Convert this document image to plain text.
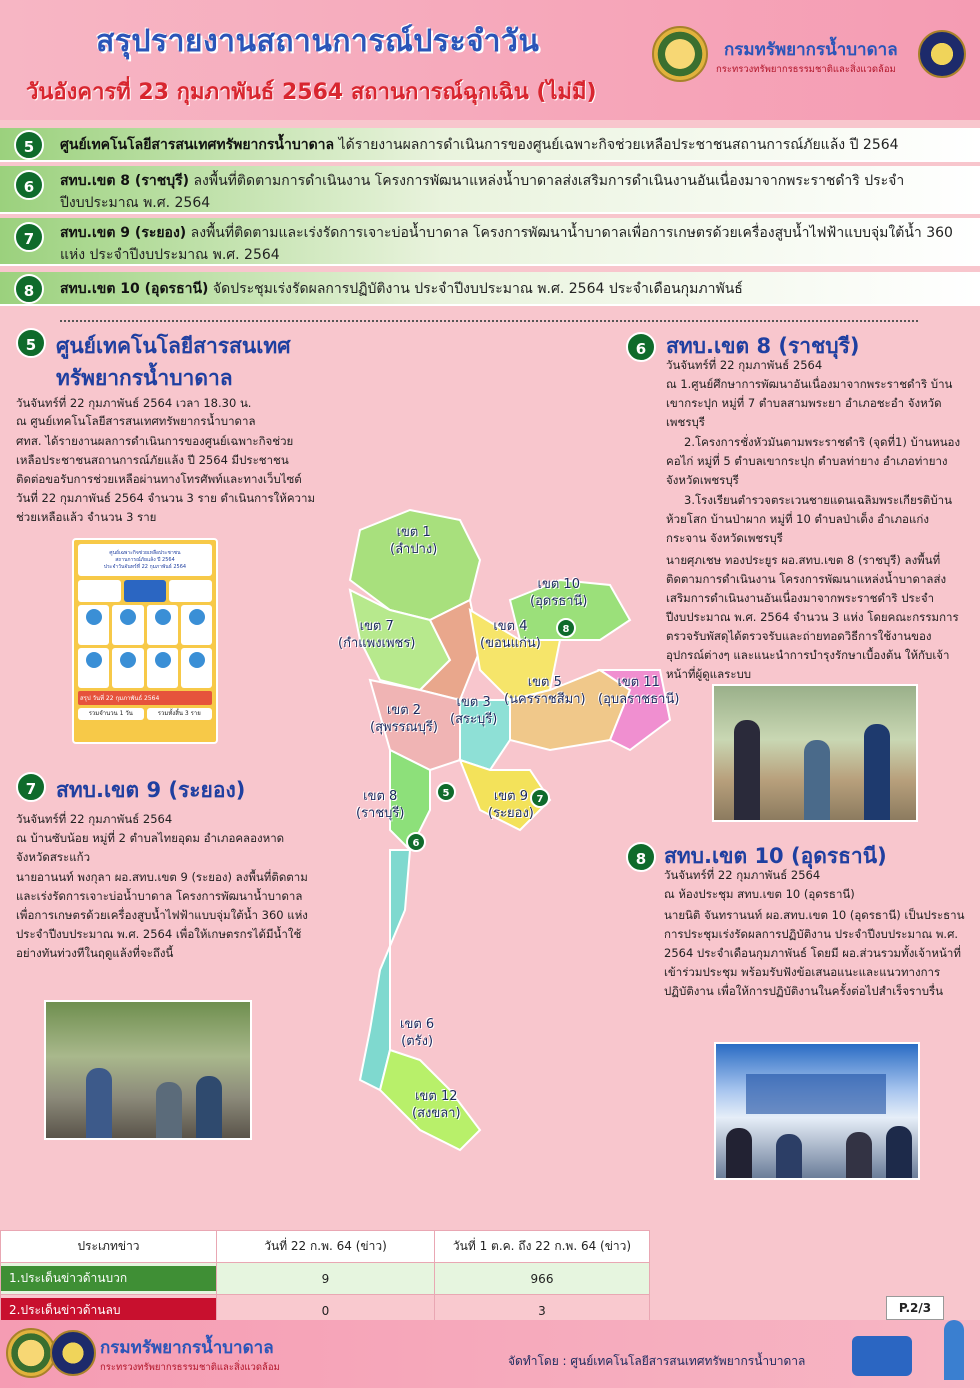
สรุปรายงานสถานการณ์ประจำวัน
วันอังคารที่ 23 กุมภาพันธ์ 2564 สถานการณ์ฉุกเฉิน (ไม่มี)
กรมทรัพยากรน้ำบาดาล
กระทรวงทรัพยากรธรรมชาติและสิ่งแวดล้อม
5	ศูนย์เทคโนโลยีสารสนเทศทรัพยากรน้ำบาดาล ได้รายงานผลการดำเนินการของศูนย์เฉพาะกิจช่วยเหลือประชาชนสถานการณ์ภัยแล้ง ปี 2564
6	สทบ.เขต 8 (ราชบุรี) ลงพื้นที่ติดตามการดำเนินงาน โครงการพัฒนาแหล่งน้ำบาดาลส่งเสริมการดำเนินงานอันเนื่องมาจากพระราชดำริ ประจำปีงบประมาณ พ.ศ. 2564
7	สทบ.เขต 9 (ระยอง) ลงพื้นที่ติดตามและเร่งรัดการเจาะบ่อน้ำบาดาล โครงการพัฒนาน้ำบาดาลเพื่อการเกษตรด้วยเครื่องสูบน้ำไฟฟ้าแบบจุ่มใต้น้ำ 360 แห่ง ประจำปีงบประมาณ พ.ศ. 2564
8	สทบ.เขต 10 (อุดรธานี) จัดประชุมเร่งรัดผลการปฏิบัติงาน ประจำปีงบประมาณ พ.ศ. 2564 ประจำเดือนกุมภาพันธ์
5 ศูนย์เทคโนโลยีสารสนเทศ
ทรัพยากรน้ำบาดาล
วันจันทร์ที่ 22 กุมภาพันธ์ 2564 เวลา 18.30 น.
ณ ศูนย์เทคโนโลยีสารสนเทศทรัพยากรน้ำบาดาล
ศทส. ได้รายงานผลการดำเนินการของศูนย์เฉพาะกิจช่วยเหลือประชาชนสถานการณ์ภัยแล้ง ปี 2564 มีประชาชนติดต่อขอรับการช่วยเหลือผ่านทางโทรศัพท์และทางเว็บไซต์ วันที่ 22 กุมภาพันธ์ 2564 จำนวน 3 ราย ดำเนินการให้ความช่วยเหลือแล้ว จำนวน 3 ราย
ศูนย์เฉพาะกิจช่วยเหลือประชาชน
สถานการณ์ภัยแล้ง ปี 2564
ประจำวันจันทร์ที่ 22 กุมภาพันธ์ 2564
สรุป วันที่ 22 กุมภาพันธ์ 2564
รวมจำนวน 1 วัน	รวมทั้งสิ้น 3 ราย
7 สทบ.เขต 9 (ระยอง)
วันจันทร์ที่ 22 กุมภาพันธ์ 2564
ณ บ้านซับน้อย หมู่ที่ 2 ตำบลไทยอุดม อำเภอคลองหาด จังหวัดสระแก้ว
นายอานนท์ พงกุลา ผอ.สทบ.เขต 9 (ระยอง) ลงพื้นที่ติดตามและเร่งรัดการเจาะบ่อน้ำบาดาล โครงการพัฒนาน้ำบาดาลเพื่อการเกษตรด้วยเครื่องสูบน้ำไฟฟ้าแบบจุ่มใต้น้ำ 360 แห่ง ประจำปีงบประมาณ พ.ศ. 2564 เพื่อให้เกษตรกรได้มีน้ำใช้อย่างทันท่วงทีในฤดูแล้งที่จะถึงนี้
เขต 1
(ลำปาง)
เขต 10
(อุดรธานี)
เขต 7
(กำแพงเพชร)
เขต 4
(ขอนแก่น)
เขต 5
(นครราชสีมา)
เขต 11
(อุบลราชธานี)
เขต 3
(สระบุรี)
เขต 2
(สุพรรณบุรี)
เขต 8
(ราชบุรี)
เขต 9
(ระยอง)
เขต 6
(ตรัง)
เขต 12
(สงขลา)
8
5
7
6
6 สทบ.เขต 8 (ราชบุรี)
วันจันทร์ที่ 22 กุมภาพันธ์ 2564
ณ 1.ศูนย์ศึกษาการพัฒนาอันเนื่องมาจากพระราชดำริ บ้านเขากระปุก หมู่ที่ 7 ตำบลสามพระยา อำเภอชะอำ จังหวัดเพชรบุรี
2.โครงการชั่งหัวมันตามพระราชดำริ (จุดที่1) บ้านหนองคอไก่ หมู่ที่ 5 ตำบลเขากระปุก ตำบลท่ายาง อำเภอท่ายาง จังหวัดเพชรบุรี
3.โรงเรียนตำรวจตระเวนชายแดนเฉลิมพระเกียรติบ้านห้วยโสก บ้านป่าผาก หมู่ที่ 10 ตำบลป่าเด็ง อำเภอแก่งกระจาน จังหวัดเพชรบุรี
นายศุภเชษ ทองประยูร ผอ.สทบ.เขต 8 (ราชบุรี) ลงพื้นที่ติดตามการดำเนินงาน โครงการพัฒนาแหล่งน้ำบาดาลส่งเสริมการดำเนินงานอันเนื่องมาจากพระราชดำริ ประจำปีงบประมาณ พ.ศ. 2564 จำนวน 3 แห่ง โดยคณะกรรมการตรวจรับพัสดุได้ตรวจรับและถ่ายทอดวิธีการใช้งานของอุปกรณ์ต่างๆ และแนะนำการบำรุงรักษาเบื้องต้น ให้กับเจ้าหน้าที่ผู้ดูแลระบบ
8 สทบ.เขต 10 (อุดรธานี)
วันจันทร์ที่ 22 กุมภาพันธ์ 2564
ณ ห้องประชุม สทบ.เขต 10 (อุดรธานี)
นายนิติ จันทรานนท์ ผอ.สทบ.เขต 10 (อุดรธานี) เป็นประธานการประชุมเร่งรัดผลการปฏิบัติงาน ประจำปีงบประมาณ พ.ศ. 2564 ประจำเดือนกุมภาพันธ์ โดยมี ผอ.ส่วนรวมทั้งเจ้าหน้าที่เข้าร่วมประชุม พร้อมรับฟังข้อเสนอแนะและแนวทางการปฏิบัติงาน เพื่อให้การปฏิบัติงานในครั้งต่อไปสำเร็จราบรื่น
ประเภทข่าว	วันที่ 22 ก.พ. 64 (ข่าว)	วันที่ 1 ต.ค. ถึง 22 ก.พ. 64 (ข่าว)
1.ประเด็นข่าวด้านบวก	9	966
2.ประเด็นข่าวด้านลบ	0	3	P.2/3
กรมทรัพยากรน้ำบาดาล
กระทรวงทรัพยากรธรรมชาติและสิ่งแวดล้อม	จัดทำโดย : ศูนย์เทคโนโลยีสารสนเทศทรัพยากรน้ำบาดาล
